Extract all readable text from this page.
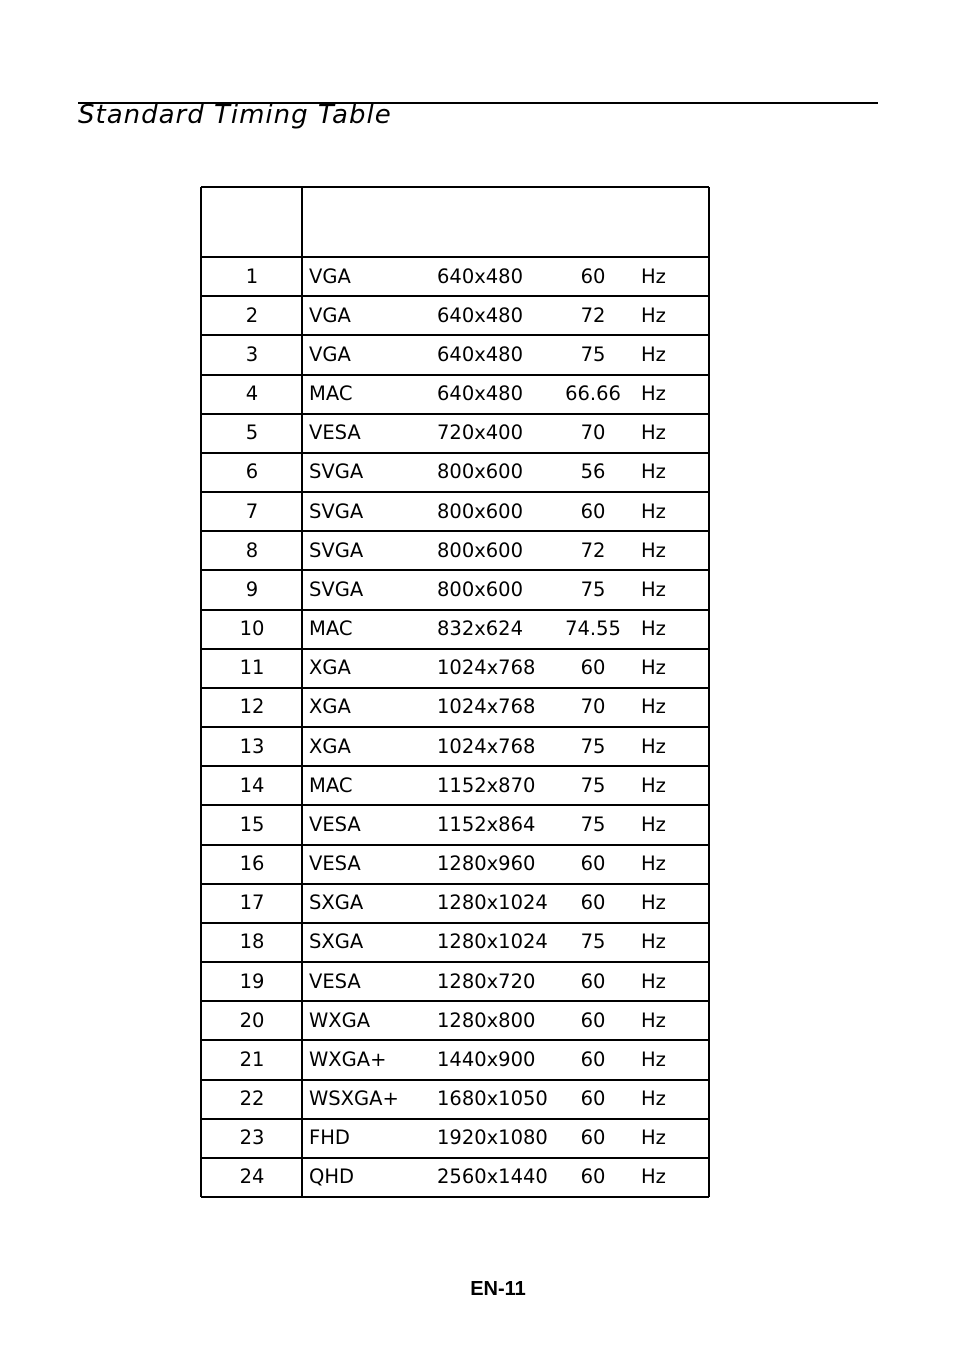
Standard Timing Table
1	VGA	640x480	60	Hz
2	VGA	640x480	72	Hz
3	VGA	640x480	75	Hz
4	MAC	640x480 66.66 Hz
5	VESA	720x400	70	Hz
6	SVGA	800x600	56	Hz
7	SVGA	800x600	60	Hz
8	SVGA	800x600	72	Hz
9	SVGA	800x600	75	Hz
10	MAC	832x624 74.55 Hz
11	XGA	1024x768	60	Hz
12	XGA	1024x768	70	Hz
13	XGA	1024x768	75	Hz
14	MAC	1152x870	75	Hz
15	VESA	1152x864	75	Hz
16	VESA	1280x960	60	Hz
17	SXGA	1280x1024	60	Hz
18	SXGA	1280x1024	75	Hz
19	VESA	1280x720	60	Hz
20	WXGA	1280x800	60	Hz
21	WXGA+	1440x900	60	Hz
22	WSXGA+ 1680x1050	60	Hz
23	FHD	1920x1080	60	Hz
24	QHD	2560x1440	60	Hz
EN-11
